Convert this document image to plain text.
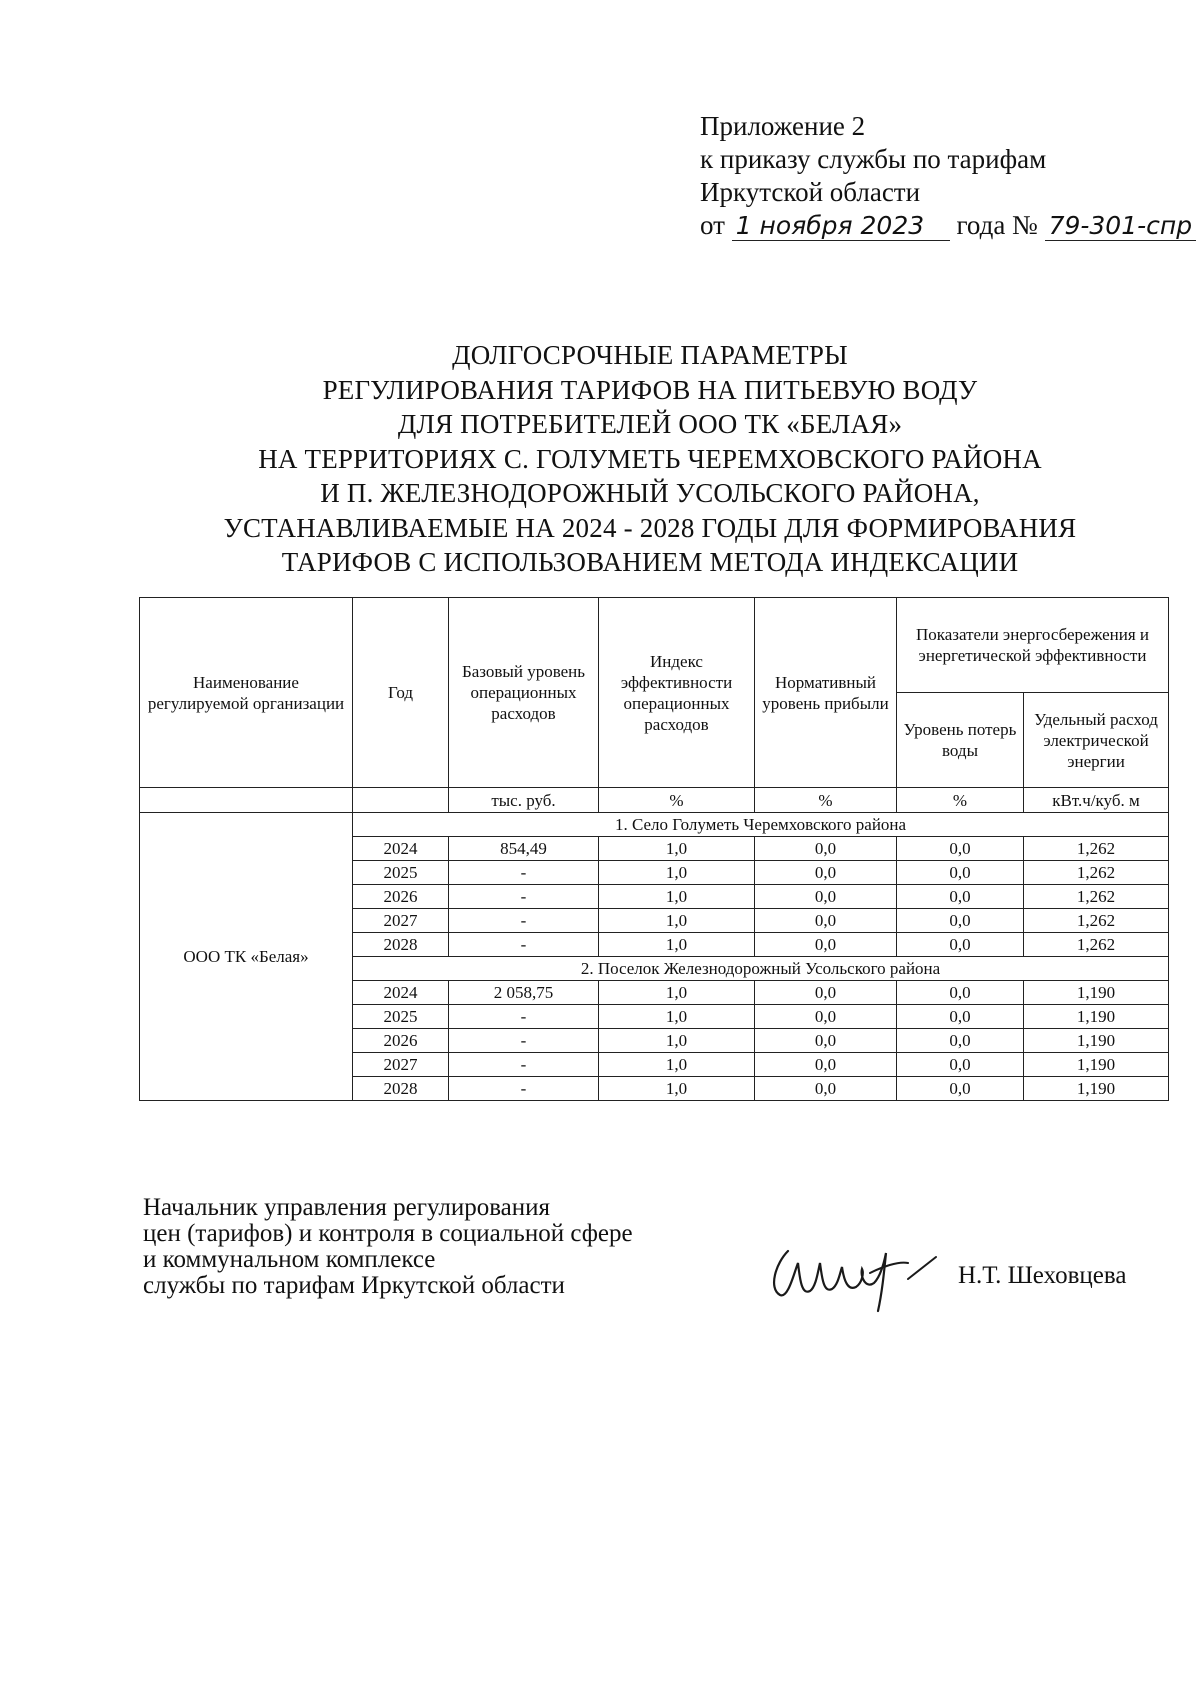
Приложение 2
к приказу службы по тарифам
Иркутской области
от 1 ноября 2023 года № 79-301-спр
ДОЛГОСРОЧНЫЕ ПАРАМЕТРЫ
РЕГУЛИРОВАНИЯ ТАРИФОВ НА ПИТЬЕВУЮ ВОДУ
ДЛЯ ПОТРЕБИТЕЛЕЙ ООО ТК «БЕЛАЯ»
НА ТЕРРИТОРИЯХ С. ГОЛУМЕТЬ ЧЕРЕМХОВСКОГО РАЙОНА
И П. ЖЕЛЕЗНОДОРОЖНЫЙ УСОЛЬСКОГО РАЙОНА,
УСТАНАВЛИВАЕМЫЕ НА 2024 - 2028 ГОДЫ ДЛЯ ФОРМИРОВАНИЯ
ТАРИФОВ С ИСПОЛЬЗОВАНИЕМ МЕТОДА ИНДЕКСАЦИИ
Наименование регулируемой организации	Год	Базовый уровень операционных расходов	Индекс эффективности операционных расходов	Нормативный уровень прибыли	Показатели энергосбережения и энергетической эффективности	
					Уровень потерь воды	Удельный расход электрической энергии
		тыс. руб.	%	%	%	кВт.ч/куб. м
ООО ТК «Белая»	1. Село Голуметь Черемховского района					
	2024	854,49	1,0	0,0	0,0	1,262
	2025	-	1,0	0,0	0,0	1,262
	2026	-	1,0	0,0	0,0	1,262
	2027	-	1,0	0,0	0,0	1,262
	2028	-	1,0	0,0	0,0	1,262
	2. Поселок Железнодорожный Усольского района					
	2024	2 058,75	1,0	0,0	0,0	1,190
	2025	-	1,0	0,0	0,0	1,190
	2026	-	1,0	0,0	0,0	1,190
	2027	-	1,0	0,0	0,0	1,190
	2028	-	1,0	0,0	0,0	1,190
Начальник управления регулирования
цен (тарифов) и контроля в социальной сфере
и коммунальном комплексе
службы по тарифам Иркутской области	Н.Т. Шеховцева
